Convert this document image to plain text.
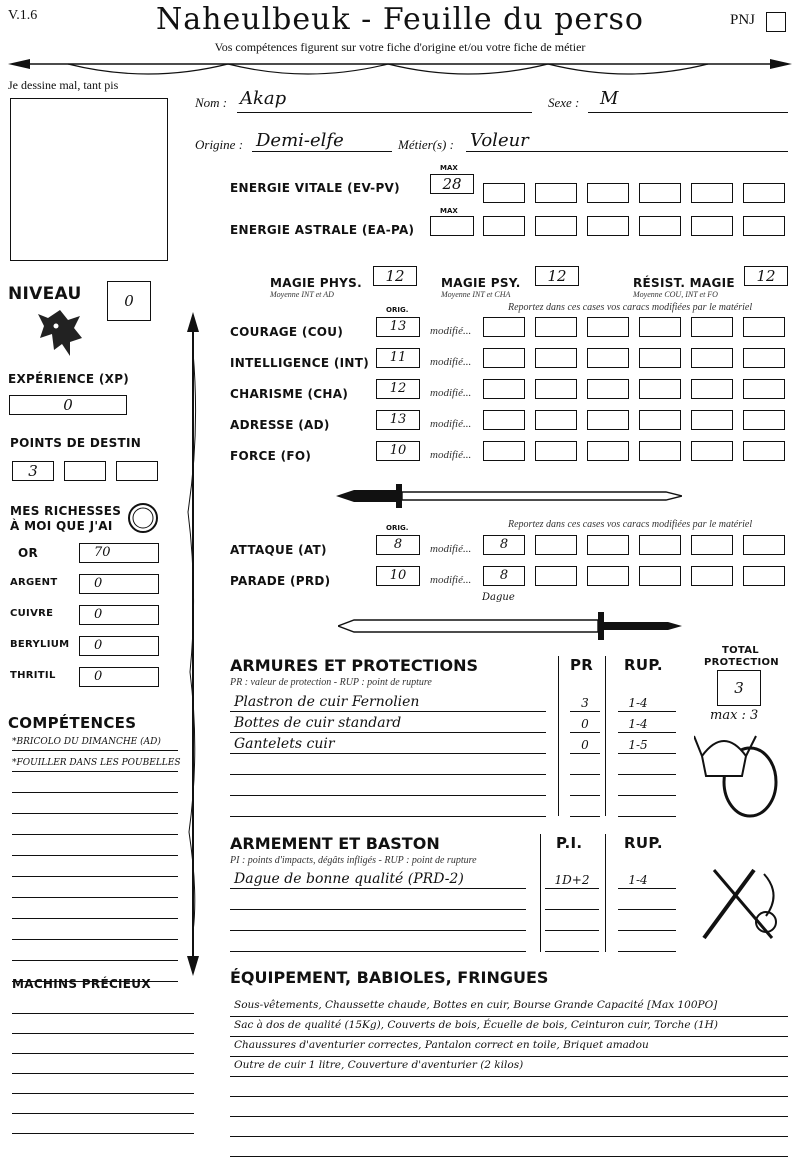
V.1.6	Naheulbeuk - Feuille du perso
Vos compétences figurent sur votre fiche d'origine et/ou votre fiche de métier
PNJ
Je dessine mal, tant pis
Nom : Akap	Sexe : M
Origine : Demi-elfe	Métier(s) : Voleur
MAX
ENERGIE VITALE (EV-PV)	28
MAX
ENERGIE ASTRALE (EA-PA)
MAGIE PHYS.
Moyenne INT et AD
12	MAGIE PSY.
Moyenne INT et CHA
12	RÉSIST. MAGIE
Moyenne COU, INT et FO
12
NIVEAU	0
EXPÉRIENCE (XP)
0
POINTS DE DESTIN
3
MES RICHESSES
À MOI QUE J'AI
OR	70
ARGENT	0
CUIVRE	0
BERYLIUM	0
THRITIL	0
COMPÉTENCES
*BRICOLO DU DIMANCHE (AD)
*FOUILLER DANS LES POUBELLES
MACHINS PRÉCIEUX
ORIG.	Reportez dans ces cases vos caracs modifiées par le matériel
COURAGE (COU)	13	modifié...
INTELLIGENCE (INT)	11	modifié...
CHARISME (CHA)	12	modifié...
ADRESSE (AD)	13	modifié...
FORCE (FO)	10	modifié...
ORIG.	Reportez dans ces cases vos caracs modifiées par le matériel
ATTAQUE (AT)	8	modifié...	8
PARADE (PRD)	10	modifié...	8
Dague
ARMURES ET PROTECTIONS
PR : valeur de protection - RUP : point de rupture
PR RUP.
Plastron de cuir Fernolien	3	1-4
Bottes de cuir standard	0	1-4
Gantelets cuir	0	1-5
TOTAL
PROTECTION
3
max : 3
ARMEMENT ET BASTON
PI : points d'impacts, dégâts infligés - RUP : point de rupture
P.I.	RUP.
Dague de bonne qualité (PRD-2)	1D+2	1-4
ÉQUIPEMENT, BABIOLES, FRINGUES
Sous-vêtements, Chaussette chaude, Bottes en cuir, Bourse Grande Capacité [Max 100PO]
Sac à dos de qualité (15Kg), Couverts de bois, Écuelle de bois, Ceinturon cuir, Torche (1H)
Chaussures d'aventurier correctes, Pantalon correct en toile, Briquet amadou
Outre de cuir 1 litre, Couverture d'aventurier (2 kilos)
